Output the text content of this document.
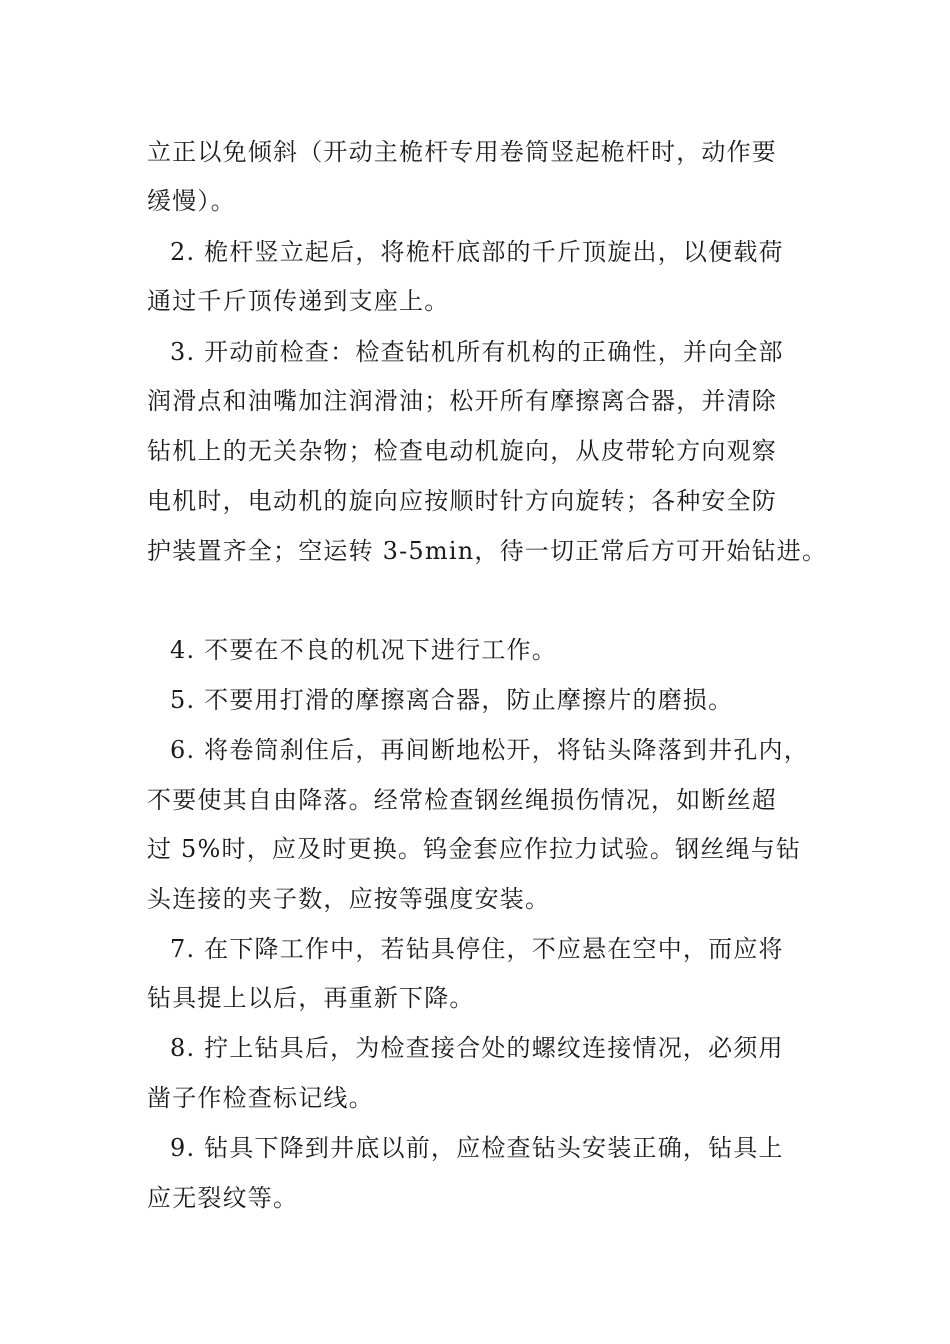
立正以免倾斜（开动主桅杆专用卷筒竖起桅杆时，动作要
缓慢）。
2. 桅杆竖立起后，将桅杆底部的千斤顶旋出，以便载荷
通过千斤顶传递到支座上。
3. 开动前检查：检查钻机所有机构的正确性，并向全部
润滑点和油嘴加注润滑油；松开所有摩擦离合器，并清除
钻机上的无关杂物；检查电动机旋向，从皮带轮方向观察
电机时，电动机的旋向应按顺时针方向旋转；各种安全防
护装置齐全；空运转 3-5min，待一切正常后方可开始钻进。
4. 不要在不良的机况下进行工作。
5. 不要用打滑的摩擦离合器，防止摩擦片的磨损。
6. 将卷筒刹住后，再间断地松开，将钻头降落到井孔内，
不要使其自由降落。经常检查钢丝绳损伤情况，如断丝超
过 5%时，应及时更换。钨金套应作拉力试验。钢丝绳与钻
头连接的夹子数，应按等强度安装。
7. 在下降工作中，若钻具停住，不应悬在空中，而应将
钻具提上以后，再重新下降。
8. 拧上钻具后，为检查接合处的螺纹连接情况，必须用
凿子作检查标记线。
9. 钻具下降到井底以前，应检查钻头安装正确，钻具上
应无裂纹等。
